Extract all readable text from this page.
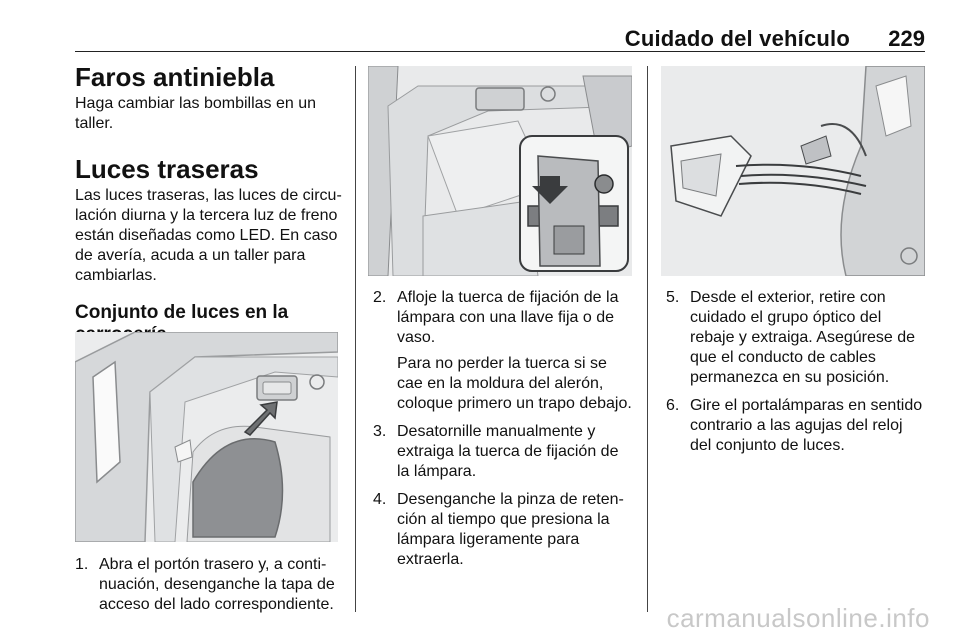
Cuidado del vehículo 229
Faros antiniebla

Haga cambiar las bombillas en un taller.

Luces traseras

Las luces traseras, las luces de circu-lación diurna y la tercera luz de freno están diseñadas como LED. En caso de avería, acuda a un taller para cambiarlas.

Conjunto de luces en la
1. Abra el portón trasero y, a conti-nuación, desenganche la tapa de acceso del lado correspondiente.
2. Afloje la tuerca de fijación de la lámpara con una llave fija o de vaso.
Para no perder la tuerca si se cae en la moldura del alerón, coloque primero un trapo debajo.
3. Desatornille manualmente y extraiga la tuerca de fijación de la lámpara.
4. Desenganche la pinza de reten-ción al tiempo que presiona la lámpara ligeramente para extraerla.
5. Desde el exterior, retire con cuidado el grupo óptico del rebaje y extraiga. Asegúrese de que el conducto de cables permanezca en su posición.
6. Gire el portalámparas en sentido contrario a las agujas del reloj del conjunto de luces.
carmanualsonline.info
